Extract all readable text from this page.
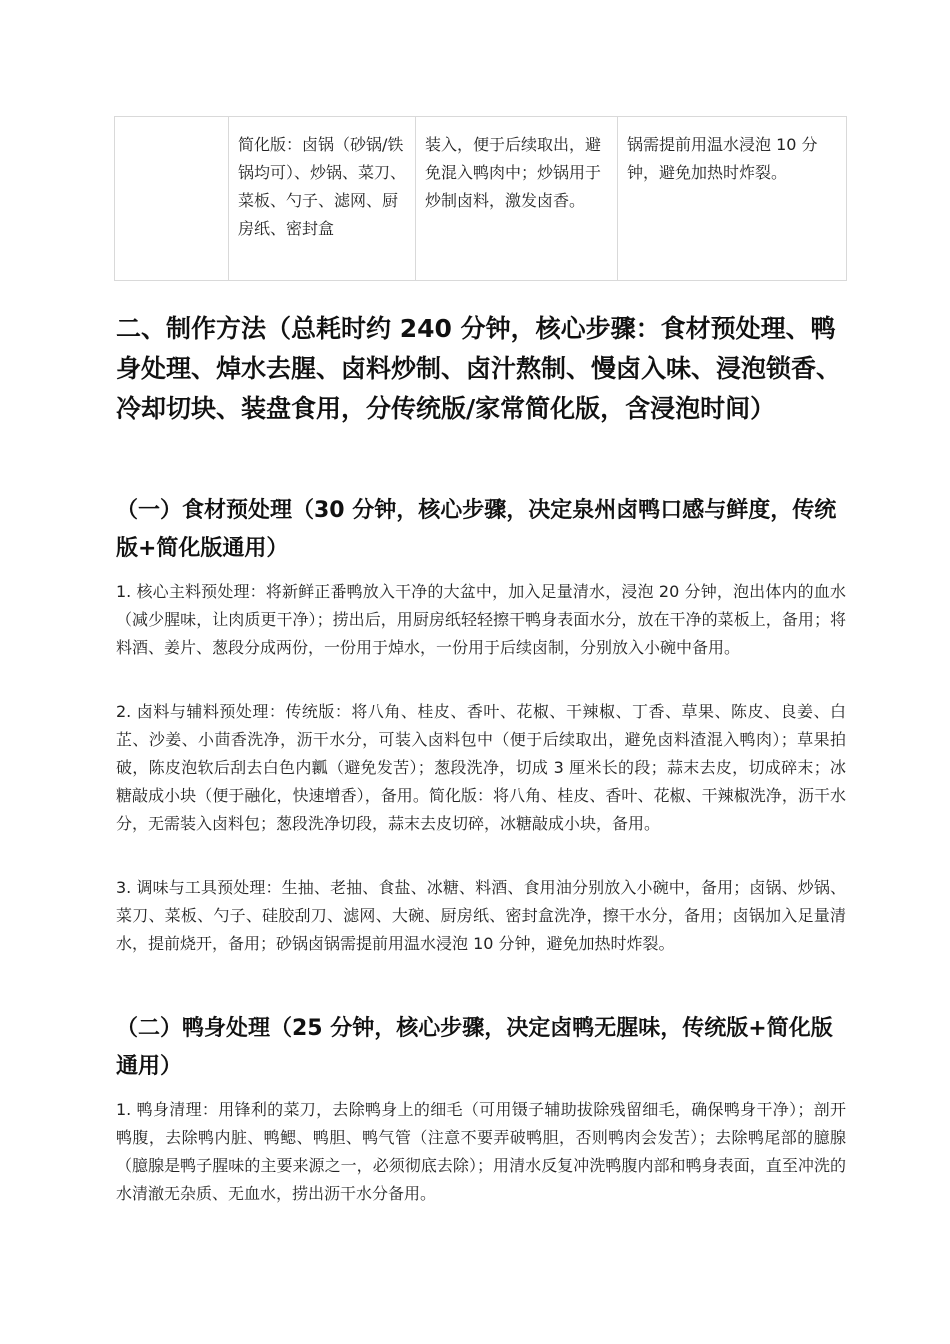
	简化版：卤锅（砂锅/铁锅均可）、炒锅、菜刀、菜板、勺子、滤网、厨房纸、密封盒	装入，便于后续取出，避免混入鸭肉中；炒锅用于炒制卤料，激发卤香。	锅需提前用温水浸泡 10 分钟，避免加热时炸裂。
二、制作方法（总耗时约 240 分钟，核心步骤：食材预处理、鸭身处理、焯水去腥、卤料炒制、卤汁熬制、慢卤入味、浸泡锁香、冷却切块、装盘食用，分传统版/家常简化版，含浸泡时间）
（一）食材预处理（30 分钟，核心步骤，决定泉州卤鸭口感与鲜度，传统版+简化版通用）
1. 核心主料预处理：将新鲜正番鸭放入干净的大盆中，加入足量清水，浸泡 20 分钟，泡出体内的血水（减少腥味，让肉质更干净）；捞出后，用厨房纸轻轻擦干鸭身表面水分，放在干净的菜板上，备用；将料酒、姜片、葱段分成两份，一份用于焯水，一份用于后续卤制，分别放入小碗中备用。
2. 卤料与辅料预处理：传统版：将八角、桂皮、香叶、花椒、干辣椒、丁香、草果、陈皮、良姜、白芷、沙姜、小茴香洗净，沥干水分，可装入卤料包中（便于后续取出，避免卤料渣混入鸭肉）；草果拍破，陈皮泡软后刮去白色内瓤（避免发苦）；葱段洗净，切成 3 厘米长的段；蒜末去皮，切成碎末；冰糖敲成小块（便于融化，快速增香），备用。简化版：将八角、桂皮、香叶、花椒、干辣椒洗净，沥干水分，无需装入卤料包；葱段洗净切段，蒜末去皮切碎，冰糖敲成小块，备用。
3. 调味与工具预处理：生抽、老抽、食盐、冰糖、料酒、食用油分别放入小碗中，备用；卤锅、炒锅、菜刀、菜板、勺子、硅胶刮刀、滤网、大碗、厨房纸、密封盒洗净，擦干水分，备用；卤锅加入足量清水，提前烧开，备用；砂锅卤锅需提前用温水浸泡 10 分钟，避免加热时炸裂。
（二）鸭身处理（25 分钟，核心步骤，决定卤鸭无腥味，传统版+简化版通用）
1. 鸭身清理：用锋利的菜刀，去除鸭身上的细毛（可用镊子辅助拔除残留细毛，确保鸭身干净）；剖开鸭腹，去除鸭内脏、鸭鳃、鸭胆、鸭气管（注意不要弄破鸭胆，否则鸭肉会发苦）；去除鸭尾部的臆腺（臆腺是鸭子腥味的主要来源之一，必须彻底去除）；用清水反复冲洗鸭腹内部和鸭身表面，直至冲洗的水清澈无杂质、无血水，捞出沥干水分备用。
